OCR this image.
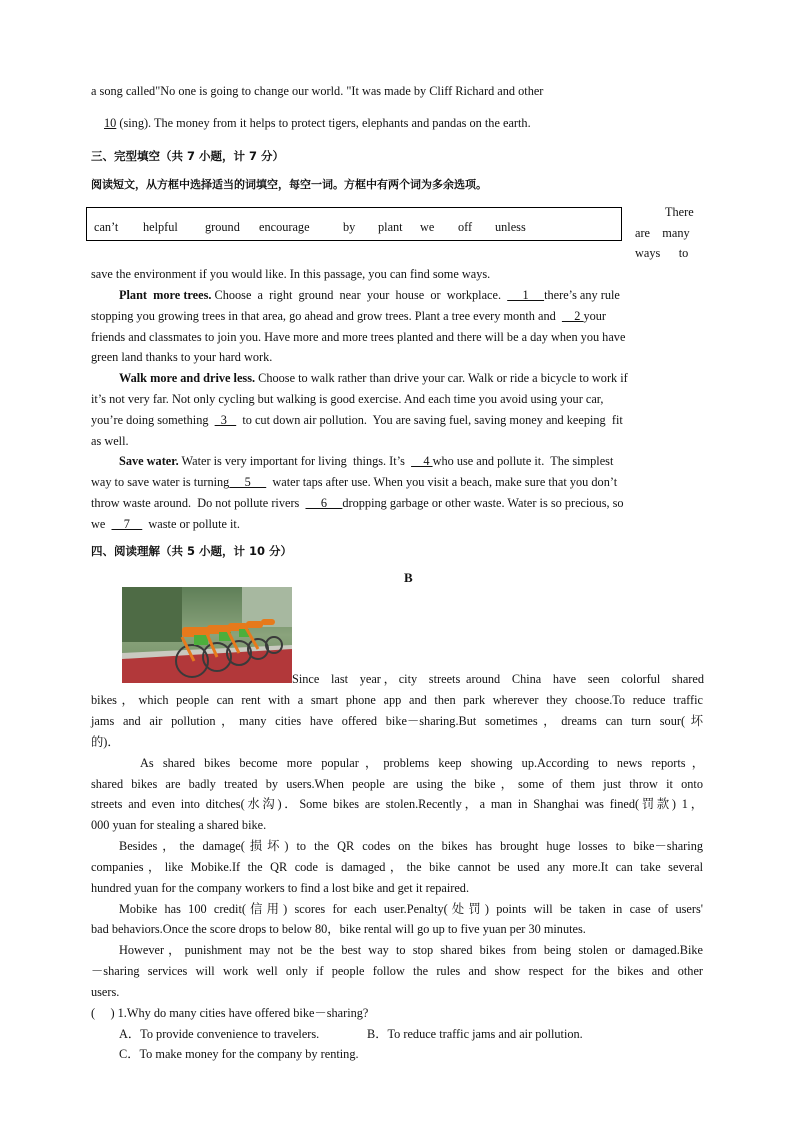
a song called"No one is going to change our world. "It was made by Cliff Richard and other
10 (sing). The money from it helps to protect tigers, elephants and pandas on the earth.
三、完型填空（共 7 小题，计 7 分）
阅读短文，从方框中选择适当的词填空，每空一词。方框中有两个词为多余选项。
can’t helpful ground encourage	by plant we off unless
There
are    many
ways      to
save the environment if you would like. In this passage, you can find some ways.
Plant  more trees. Choose  a  right  ground  near  your  house  or  workplace.       1     there’s any rule
stopping you growing trees in that area, go ahead and grow trees. Plant a tree every month and      2 your
friends and classmates to join you. Have more and more trees planted and there will be a day when you have
green land thanks to your hard work.
Walk more and drive less. Choose to walk rather than drive your car. Walk or ride a bicycle to work if
it’s not very far. Not only cycling but walking is good exercise. And each time you avoid using your car,
you’re doing something    3     to cut down air pollution.  You are saving fuel, saving money and keeping  fit
as well.
Save water. Water is very important for living  things. It’s      4 who use and pollute it.  The simplest
way to save water is turning     5       water taps after use. When you visit a beach, make sure that you don’t
throw waste around.  Do not pollute rivers       6     dropping garbage or other waste. Water is so precious, so
we      7      waste or pollute it.
四、阅读理解（共 5 小题，计 10 分）
B
Since  last  year，city  streets around  China  have  seen  colorful  shared
bikes，which people can rent with a smart phone app and then park wherever they choose.To reduce traffic
jams and air pollution，many cities have offered bike－sharing.But sometimes，dreams can turn sour(坏
的)．
As shared bikes become more popular，problems keep showing up.According to news reports，
shared bikes are badly treated by users.When people are using the bike，some of them just throw it onto
streets and even into ditches(水沟)．Some bikes are stolen.Recently，a man in Shanghai was fined(罚款) 1，
000 yuan for stealing a shared bike.
Besides，the damage(损坏) to the QR codes on the bikes has brought huge losses to bike－sharing
companies，like Mobike.If the QR code is damaged，the bike cannot be used any more.It can take several
hundred yuan for the company workers to find a lost bike and get it repaired.
Mobike has 100 credit(信用) scores for each user.Penalty(处罚) points will be taken in case of users'
bad behaviors.Once the score drops to below 80，bike rental will go up to five yuan per 30 minutes.
However，punishment may not be the best way to stop shared bikes from being stolen or damaged.Bike
－sharing services will work well only if people follow the rules and show respect for the bikes and other
users.
(     ) 1.Why do many cities have offered bike－sharing?
A．To provide convenience to travelers.	B．To reduce traffic jams and air pollution.
C．To make money for the company by renting.
